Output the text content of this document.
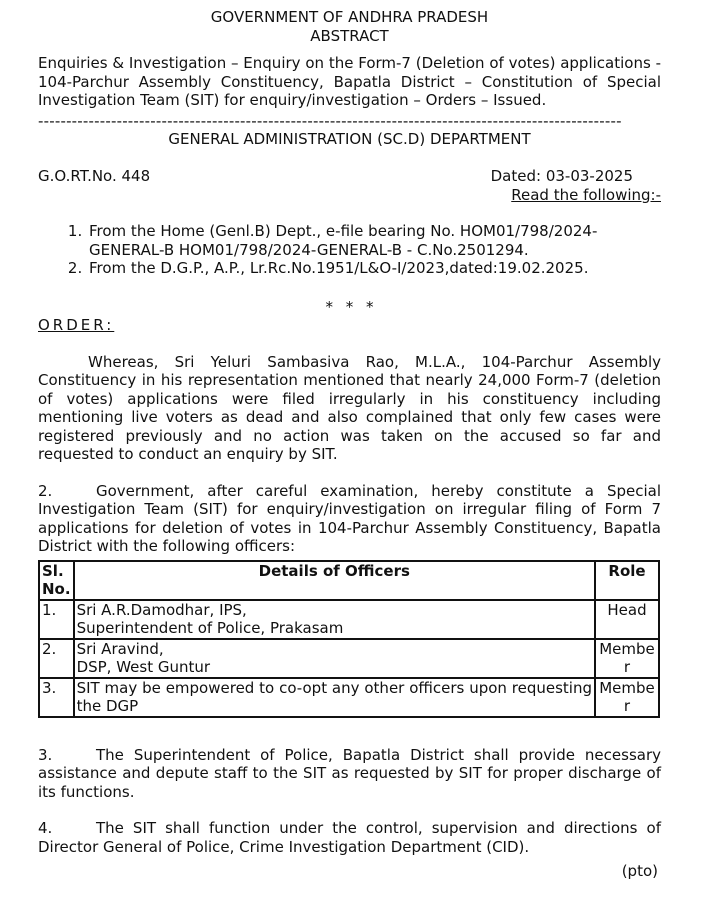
GOVERNMENT OF ANDHRA PRADESH
ABSTRACT
Enquiries & Investigation – Enquiry on the Form-7 (Deletion of votes) applications - 104-Parchur Assembly Constituency, Bapatla District – Constitution of Special Investigation Team (SIT) for enquiry/investigation – Orders – Issued.
--------------------------------------------------------------------------------------------------------
GENERAL ADMINISTRATION (SC.D) DEPARTMENT
G.O.RT.No. 448	Dated: 03-03-2025
Read the following:-
1. From the Home (Genl.B) Dept., e-file bearing No. HOM01/798/2024-GENERAL-B HOM01/798/2024-GENERAL-B - C.No.2501294.
2. From the D.G.P., A.P., Lr.Rc.No.1951/L&O-I/2023,dated:19.02.2025.
* * *
ORDER:
Whereas, Sri Yeluri Sambasiva Rao, M.L.A., 104-Parchur Assembly Constituency in his representation mentioned that nearly 24,000 Form-7 (deletion of votes) applications were filed irregularly in his constituency including mentioning live voters as dead and also complained that only few cases were registered previously and no action was taken on the accused so far and requested to conduct an enquiry by SIT.
2.	Government, after careful examination, hereby constitute a Special Investigation Team (SIT) for enquiry/investigation on irregular filing of Form 7 applications for deletion of votes in 104-Parchur Assembly Constituency, Bapatla District with the following officers:
Sl. No.	Details of Officers	Role
1.	Sri A.R.Damodhar, IPS,
Superintendent of Police, Prakasam	Head
2.	Sri Aravind,
DSP, West Guntur	Member
3.	SIT may be empowered to co-opt any other officers upon requesting the DGP	Member
3.	The Superintendent of Police, Bapatla District shall provide necessary assistance and depute staff to the SIT as requested by SIT for proper discharge of its functions.
4.	The SIT shall function under the control, supervision and directions of Director General of Police, Crime Investigation Department (CID).
(pto)
